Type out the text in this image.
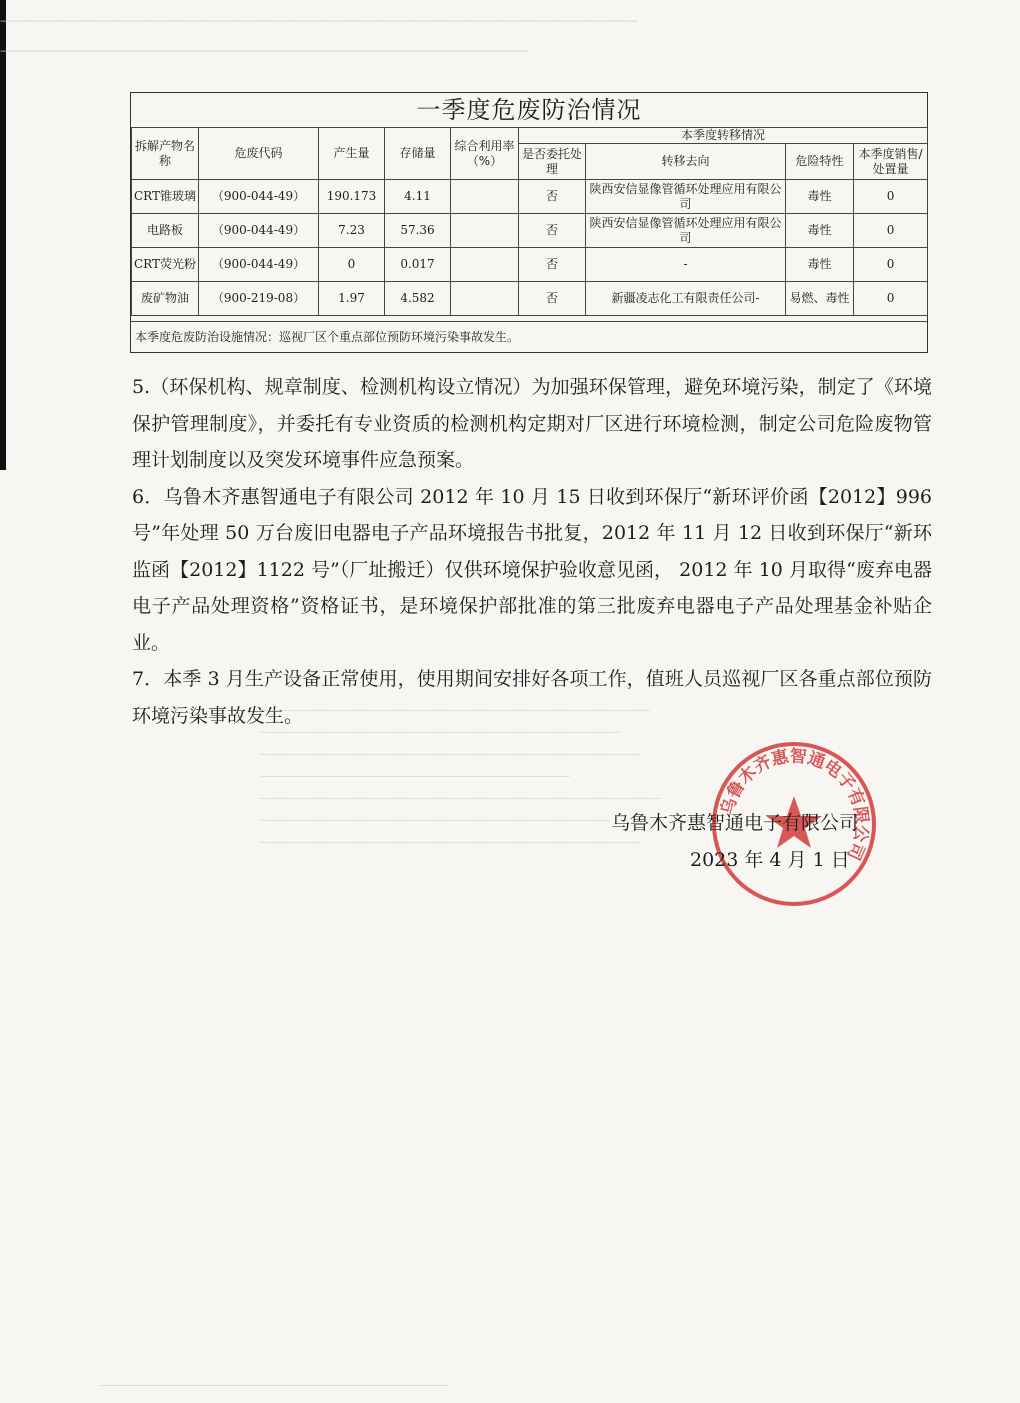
——————————————————————————————————————————————————————————
————————————————————————————————————————————————
一季度危废防治情况
拆解产物名称	危废代码	产生量	存储量	综合利用率（%）	本季度转移情况			
					是否委托处理	转移去向	危险特性	本季度销售/处置量
CRT锥玻璃	（900-044-49）	190.173	4.11		否	陕西安信显像管循环处理应用有限公司	毒性	0
电路板	（900-044-49）	7.23	57.36		否	陕西安信显像管循环处理应用有限公司	毒性	0
CRT荧光粉	（900-044-49）	0	0.017		否	-	毒性	0
废矿物油	（900-219-08）	1.97	4.582		否	新疆凌志化工有限责任公司-	易燃、毒性	0
本季度危废防治设施情况：巡视厂区个重点部位预防环境污染事故发生。

5.（环保机构、规章制度、检测机构设立情况）为加强环保管理，避免环境污染，制定了《环境保护管理制度》，并委托有专业资质的检测机构定期对厂区进行环境检测，制定公司危险废物管理计划制度以及突发环境事件应急预案。

6．乌鲁木齐惠智通电子有限公司 2012 年 10 月 15 日收到环保厅“新环评价函【2012】996 号”年处理 50 万台废旧电器电子产品环境报告书批复，2012 年 11 月 12 日收到环保厅“新环监函【2012】1122 号”（厂址搬迁）仅供环境保护验收意见函， 2012 年 10 月取得“废弃电器电子产品处理资格”资格证书，是环境保护部批准的第三批废弃电器电子产品处理基金补贴企业。

7．本季 3 月生产设备正常使用，使用期间安排好各项工作，值班人员巡视厂区各重点部位预防环境污染事故发生。

———————————————————————————————————————
————————————————————————————————————
——————————————————————————————————————
———————————————————————————————
————————————————————————————————————————
———————————————————————————————————
——————————————————————————————————————

乌鲁木齐惠智通电子有限公司
乌鲁木齐惠智通电子有限公司
2023 年 4 月 1 日
——————————————————————————————————————————————————————————
